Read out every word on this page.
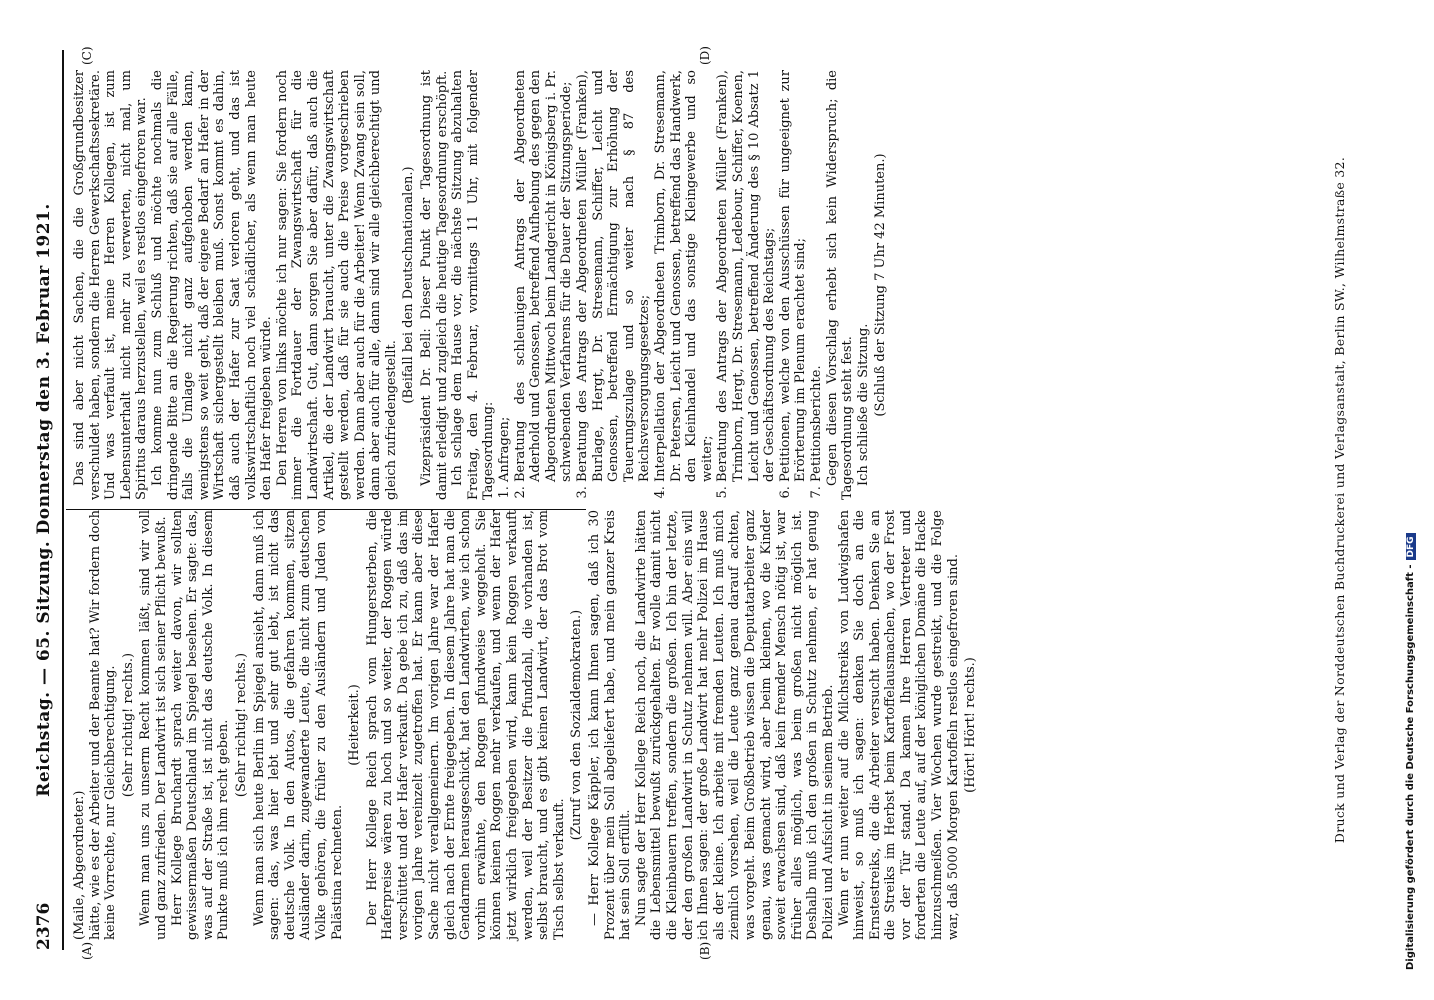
2376
Reichstag. — 65. Sitzung. Donnerstag den 3. Februar 1921.
(A)	(B)
(C)	(D)

(Maile, Abgeordneter.) hätte, wie es der Arbeiter und der Beamte hat? Wir fordern doch keine Vorrechte, nur Gleichberechtigung. (Sehr richtig! rechts.) Wenn man uns zu unserm Recht kommen läßt, sind wir voll und ganz zufrieden. Der Landwirt ist sich seiner Pflicht bewußt. Herr Kollege Bruchardt sprach weiter davon, wir sollten gewissermaßen Deutschland im Spiegel besehen. Er sagte: das, was auf der Straße ist, ist nicht das deutsche Volk. In diesem Punkte muß ich ihm recht geben. (Sehr richtig! rechts.) Wenn man sich heute Berlin im Spiegel ansieht, dann muß ich sagen: das, was hier lebt und sehr gut lebt, ist nicht das deutsche Volk. In den Autos, die gefahren kommen, sitzen Ausländer darin, zugewanderte Leute, die nicht zum deutschen Volke gehören, die früher zu den Ausländern und Juden von Palästina rechneten.

(Heiterkeit.) Der Herr Kollege Reich sprach vom Hungersterben, die Haferpreise wären zu hoch und so weiter, der Roggen würde verschüttet und der Hafer verkauft. Da gebe ich zu, daß das im vorigen Jahre vereinzelt zugetroffen hat. Er kann aber diese Sache nicht verallgemeinern. Im vorigen Jahre war der Hafer gleich nach der Ernte freigegeben. In diesem Jahre hat man die Gendarmen herausgeschickt, hat den Landwirten, wie ich schon vorhin erwähnte, den Roggen pfundweise weggeholt. Sie können keinen Roggen mehr verkaufen, und wenn der Hafer jetzt wirklich freigegeben wird, kann kein Roggen verkauft werden, weil der Besitzer die Pfundzahl, die vorhanden ist, selbst braucht, und es gibt keinen Landwirt, der das Brot vom Tisch selbst verkauft.

(Zuruf von den Sozialdemokraten.) — Herr Kollege Käppler, ich kann Ihnen sagen, daß ich 30 Prozent über mein Soll abgeliefert habe, und mein ganzer Kreis hat sein Soll erfüllt. Nun sagte der Herr Kollege Reich noch, die Landwirte hätten die Lebensmittel bewußt zurückgehalten. Er wolle damit nicht die Kleinbauern treffen, sondern die großen. Ich bin der letzte, der den großen Landwirt in Schutz nehmen will. Aber eins will ich Ihnen sagen: der große Landwirt hat mehr Polizei im Hause als der kleine. Ich arbeite mit fremden Leuten. Ich muß mich ziemlich vorsehen, weil die Leute ganz genau darauf achten, was vorgeht. Beim Großbetrieb wissen die Deputatarbeiter ganz genau, was gemacht wird, aber beim kleinen, wo die Kinder soweit erwachsen sind, daß kein fremder Mensch nötig ist, war früher alles möglich, was beim großen nicht möglich ist. Deshalb muß ich den großen in Schutz nehmen, er hat genug Polizei und Aufsicht in seinem Betrieb. Wenn er nun weiter auf die Milchstreiks von Ludwigshafen hinweist, so muß ich sagen: denken Sie doch an die Ernstestreiks, die die Arbeiter versucht haben. Denken Sie an die Streiks im Herbst beim Kartoffelausmachen, wo der Frost vor der Tür stand. Da kamen Ihre Herren Vertreter und forderten die Leute auf, auf der königlichen Domäne die Hacke hinzuschmeißen. Vier Wochen wurde gestreikt, und die Folge war, daß 5000 Morgen Kartoffeln restlos eingefroren sind. (Hört! Hört! rechts.)

Das sind aber nicht Sachen, die die Großgrundbesitzer verschuldet haben, sondern die Herren Gewerkschaftssekretäre. Und was verfault ist, meine Herren Kollegen, ist zum Lebensunterhalt nicht mehr zu verwerten, nicht mal, um Spiritus daraus herzustellen, weil es restlos eingefroren war. Ich komme nun zum Schluß und möchte nochmals die dringende Bitte an die Regierung richten, daß sie auf alle Fälle, falls die Umlage nicht ganz aufgehoben werden kann, wenigstens so weit geht, daß der eigene Bedarf an Hafer in der Wirtschaft sichergestellt bleiben muß. Sonst kommt es dahin, daß auch der Hafer zur Saat verloren geht, und das ist volkswirtschaftlich noch viel schädlicher, als wenn man heute den Hafer freigeben würde. Den Herren von links möchte ich nur sagen: Sie fordern noch immer die Fortdauer der Zwangswirtschaft für die Landwirtschaft. Gut, dann sorgen Sie aber dafür, daß auch die Artikel, die der Landwirt braucht, unter die Zwangswirtschaft gestellt werden, daß für sie auch die Preise vorgeschrieben werden. Dann aber auch für die Arbeiter! Wenn Zwang sein soll, dann aber auch für alle, dann sind wir alle gleichberechtigt und gleich zufriedengestellt.

(Beifall bei den Deutschnationalen.) Vizepräsident Dr. Bell: Dieser Punkt der Tagesordnung ist damit erledigt und zugleich die heutige Tagesordnung erschöpft. Ich schlage dem Hause vor, die nächste Sitzung abzuhalten Freitag, den 4. Februar, vormittags 11 Uhr, mit folgender Tagesordnung: 1. Anfragen; 2. Beratung des schleunigen Antrags der Abgeordneten Aderhold und Genossen, betreffend Aufhebung des gegen den Abgeordneten Mittwoch beim Landgericht in Königsberg i. Pr. schwebenden Verfahrens für die Dauer der Sitzungsperiode; 3. Beratung des Antrags der Abgeordneten Müller (Franken), Burlage, Hergt, Dr. Stresemann, Schiffer, Leicht und Genossen, betreffend Ermächtigung zur Erhöhung der Teuerungszulage und so weiter nach § 87 des Reichsversorgungsgesetzes; 4. Interpellation der Abgeordneten Trimborn, Dr. Stresemann, Dr. Petersen, Leicht und Genossen, betreffend das Handwerk, den Kleinhandel und das sonstige Kleingewerbe und so weiter; 5. Beratung des Antrags der Abgeordneten Müller (Franken), Trimborn, Hergt, Dr. Stresemann, Ledebour, Schiffer, Koenen, Leicht und Genossen, betreffend Änderung des § 10 Absatz 1 der Geschäftsordnung des Reichstags; 6. Petitionen, welche von den Ausschüssen für ungeeignet zur Erörterung im Plenum erachtet sind; 7. Petitionsberichte. Gegen diesen Vorschlag erhebt sich kein Widerspruch; die Tagesordnung steht fest. Ich schließe die Sitzung. (Schluß der Sitzung 7 Uhr 42 Minuten.)	Druck und Verlag der Norddeutschen Buchdruckerei und Verlagsanstalt, Berlin SW., Wilhelmstraße 32.	Digitalisierung gefördert durch die Deutsche Forschungsgemeinschaft -DFG
